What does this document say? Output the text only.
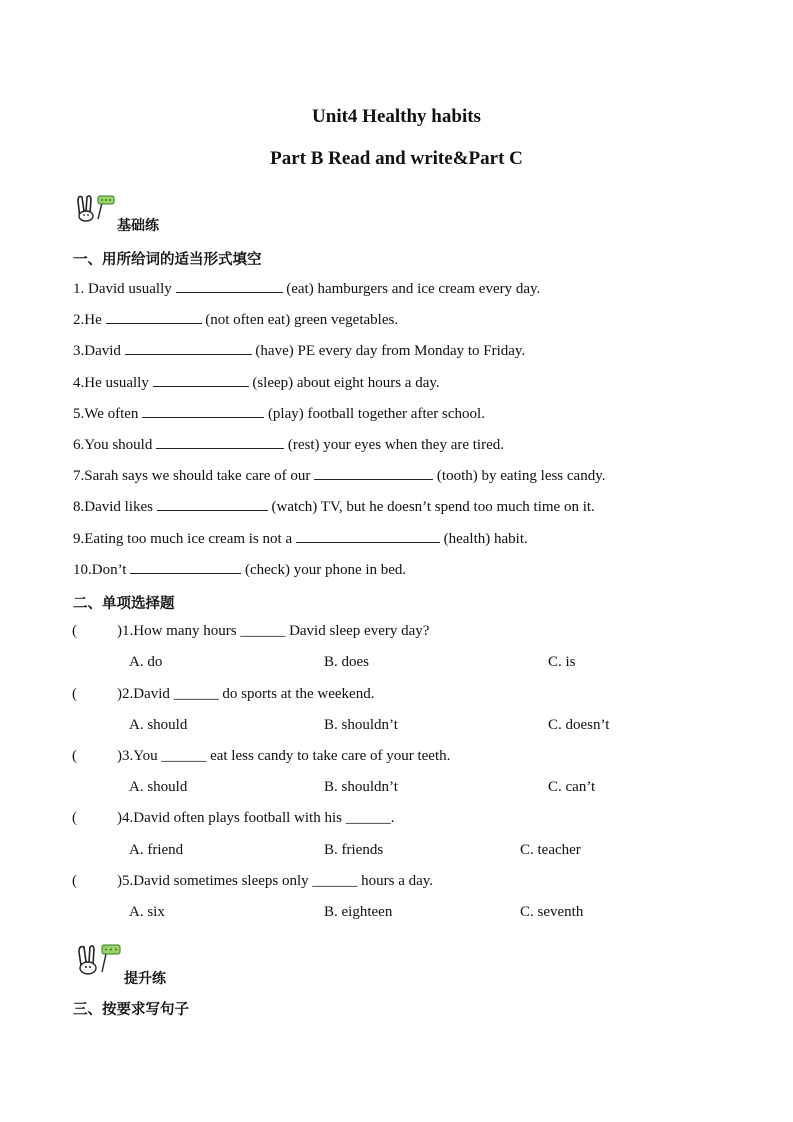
Unit4 Healthy habits
Part B Read and write&Part C
基础练
一、用所给词的适当形式填空
1. David usually	(eat) hamburgers and ice cream every day.
2.He	(not often eat) green vegetables.
3.David	(have) PE every day from Monday to Friday.
4.He usually	(sleep) about eight hours a day.
5.We often	(play) football together after school.
6.You should	(rest) your eyes when they are tired.
7.Sarah says we should take care of our	(tooth) by eating less candy.
8.David likes	(watch) TV, but he doesn’t spend too much time on it.
9.Eating too much ice cream is not a	(health) habit.
10.Don’t	(check) your phone in bed.
二、单项选择题
(	)1.How many hours ______ David sleep every day?
A. do	B. does	C. is
(	)2.David ______ do sports at the weekend.
A. should	B. shouldn’t	C. doesn’t
(	)3.You ______ eat less candy to take care of your teeth.
A. should	B. shouldn’t	C. can’t
(	)4.David often plays football with his ______.
A. friend	B. friends	C. teacher
(	)5.David sometimes sleeps only ______ hours a day.
A. six	B. eighteen	C. seventh
提升练
三、按要求写句子
